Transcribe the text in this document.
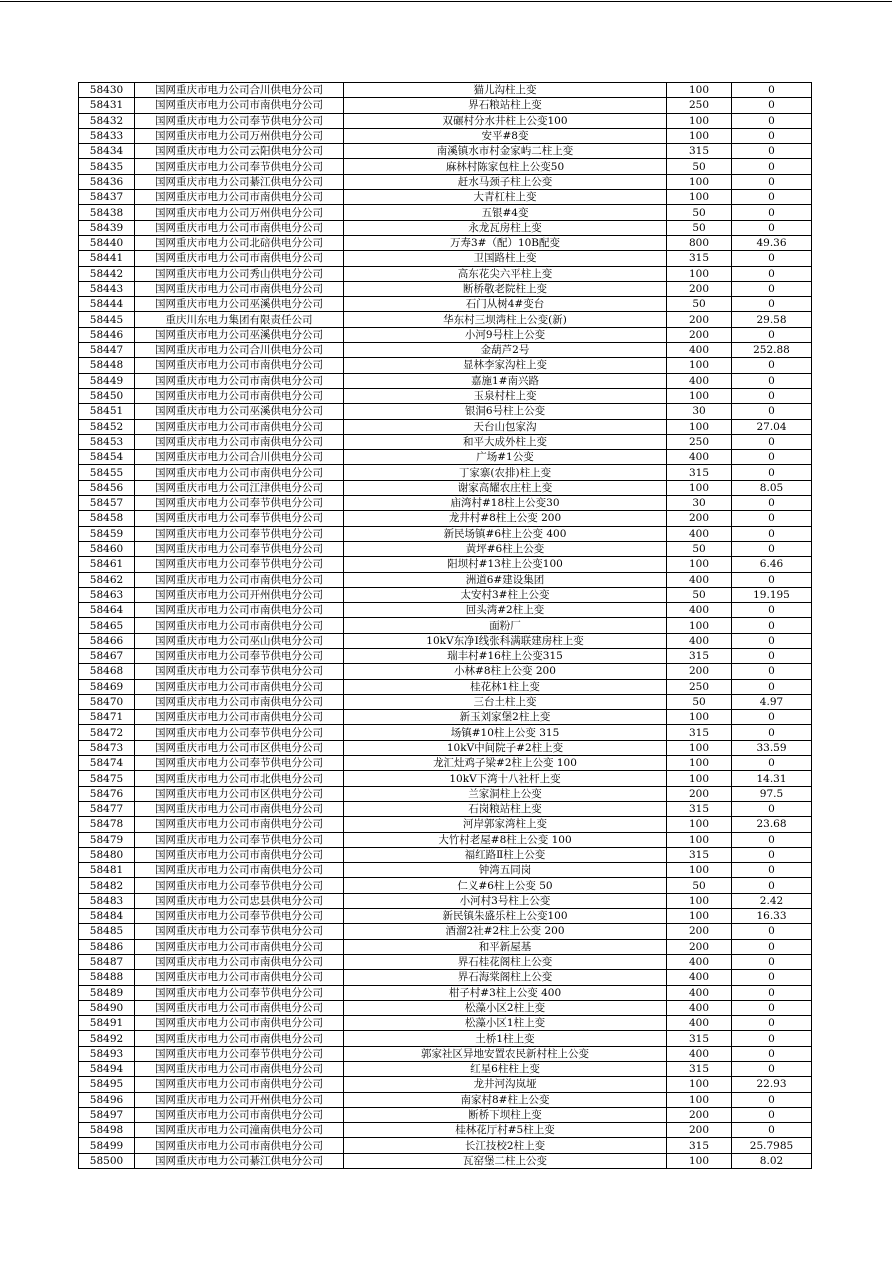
58430	国网重庆市电力公司合川供电分公司	猫儿沟柱上变	100	0
58431	国网重庆市电力公司市南供电分公司	界石粮站柱上变	250	0
58432	国网重庆市电力公司奉节供电分公司	双碾村分水井柱上公变100	100	0
58433	国网重庆市电力公司万州供电分公司	安平#8变	100	0
58434	国网重庆市电力公司云阳供电分公司	南溪镇水市村金家屿二柱上变	315	0
58435	国网重庆市电力公司奉节供电分公司	麻林村陈家包柱上公变50	50	0
58436	国网重庆市电力公司綦江供电分公司	赶水马颈子柱上公变	100	0
58437	国网重庆市电力公司市南供电分公司	大青杠柱上变	100	0
58438	国网重庆市电力公司万州供电分公司	五银#4变	50	0
58439	国网重庆市电力公司市南供电分公司	永龙瓦房柱上变	50	0
58440	国网重庆市电力公司北碚供电分公司	万寿3#（配）10B配变	800	49.36
58441	国网重庆市电力公司市南供电分公司	卫国路柱上变	315	0
58442	国网重庆市电力公司秀山供电分公司	高东花尖六平柱上变	100	0
58443	国网重庆市电力公司市南供电分公司	断桥敬老院柱上变	200	0
58444	国网重庆市电力公司巫溪供电分公司	石门从树4#变台	50	0
58445	重庆川东电力集团有限责任公司	华东村三坝湾柱上公变(新)	200	29.58
58446	国网重庆市电力公司巫溪供电分公司	小河9号柱上公变	200	0
58447	国网重庆市电力公司合川供电分公司	金葫芦2号	400	252.88
58448	国网重庆市电力公司市南供电分公司	显林李家沟柱上变	100	0
58449	国网重庆市电力公司市南供电分公司	嘉施1#南兴路	400	0
58450	国网重庆市电力公司市南供电分公司	玉泉村柱上变	100	0
58451	国网重庆市电力公司巫溪供电分公司	银洞6号柱上公变	30	0
58452	国网重庆市电力公司市南供电分公司	天台山包家沟	100	27.04
58453	国网重庆市电力公司市南供电分公司	和平大成外柱上变	250	0
58454	国网重庆市电力公司合川供电分公司	广场#1公变	400	0
58455	国网重庆市电力公司市南供电分公司	丁家寨(农排)柱上变	315	0
58456	国网重庆市电力公司江津供电分公司	谢家高耀农庄柱上变	100	8.05
58457	国网重庆市电力公司奉节供电分公司	庙湾村#18柱上公变30	30	0
58458	国网重庆市电力公司奉节供电分公司	龙井村#8柱上公变 200	200	0
58459	国网重庆市电力公司奉节供电分公司	新民场镇#6柱上公变 400	400	0
58460	国网重庆市电力公司奉节供电分公司	黄坪#6柱上公变	50	0
58461	国网重庆市电力公司奉节供电分公司	阳坝村#13柱上公变100	100	6.46
58462	国网重庆市电力公司市南供电分公司	洲道6#建设集团	400	0
58463	国网重庆市电力公司开州供电分公司	太安村3#柱上公变	50	19.195
58464	国网重庆市电力公司市南供电分公司	回头湾#2柱上变	400	0
58465	国网重庆市电力公司市南供电分公司	面粉厂	100	0
58466	国网重庆市电力公司巫山供电分公司	10kV东净I线张科满联建房柱上变	400	0
58467	国网重庆市电力公司奉节供电分公司	瑞丰村#16柱上公变315	315	0
58468	国网重庆市电力公司奉节供电分公司	小林#8柱上公变 200	200	0
58469	国网重庆市电力公司市南供电分公司	桂花林1柱上变	250	0
58470	国网重庆市电力公司市南供电分公司	三台土柱上变	50	4.97
58471	国网重庆市电力公司市南供电分公司	新玉刘家堡2柱上变	100	0
58472	国网重庆市电力公司奉节供电分公司	场镇#10柱上公变 315	315	0
58473	国网重庆市电力公司市区供电分公司	10kV中间院子#2柱上变	100	33.59
58474	国网重庆市电力公司奉节供电分公司	龙汇灶鸡子梁#2柱上公变 100	100	0
58475	国网重庆市电力公司市北供电分公司	10kV下湾十八社杆上变	100	14.31
58476	国网重庆市电力公司市区供电分公司	兰家洞柱上公变	200	97.5
58477	国网重庆市电力公司市南供电分公司	石岗粮站柱上变	315	0
58478	国网重庆市电力公司市南供电分公司	河岸郭家湾柱上变	100	23.68
58479	国网重庆市电力公司奉节供电分公司	大竹村老屋#8柱上公变 100	100	0
58480	国网重庆市电力公司市南供电分公司	福红路Ⅱ柱上公变	315	0
58481	国网重庆市电力公司市南供电分公司	钟湾五同岗	100	0
58482	国网重庆市电力公司奉节供电分公司	仁义#6柱上公变 50	50	0
58483	国网重庆市电力公司忠县供电分公司	小河村3号柱上公变	100	2.42
58484	国网重庆市电力公司奉节供电分公司	新民镇朱盛乐柱上公变100	100	16.33
58485	国网重庆市电力公司奉节供电分公司	酒溜2社#2柱上公变 200	200	0
58486	国网重庆市电力公司市南供电分公司	和平新屋基	200	0
58487	国网重庆市电力公司市南供电分公司	界石桂花阁柱上公变	400	0
58488	国网重庆市电力公司市南供电分公司	界石海棠阁柱上公变	400	0
58489	国网重庆市电力公司奉节供电分公司	柑子村#3柱上公变 400	400	0
58490	国网重庆市电力公司市南供电分公司	松藻小区2柱上变	400	0
58491	国网重庆市电力公司市南供电分公司	松藻小区1柱上变	400	0
58492	国网重庆市电力公司市南供电分公司	土桥1柱上变	315	0
58493	国网重庆市电力公司奉节供电分公司	郭家社区异地安置农民新村柱上公变	400	0
58494	国网重庆市电力公司市南供电分公司	红星6柱柱上变	315	0
58495	国网重庆市电力公司市南供电分公司	龙井河沟岚垭	100	22.93
58496	国网重庆市电力公司开州供电分公司	南家村8#柱上公变	100	0
58497	国网重庆市电力公司市南供电分公司	断桥下坝柱上变	200	0
58498	国网重庆市电力公司潼南供电分公司	桂林花厅村#5柱上变	200	0
58499	国网重庆市电力公司市南供电分公司	长江技校2柱上变	315	25.7985
58500	国网重庆市电力公司綦江供电分公司	瓦窑堡二柱上公变	100	8.02
